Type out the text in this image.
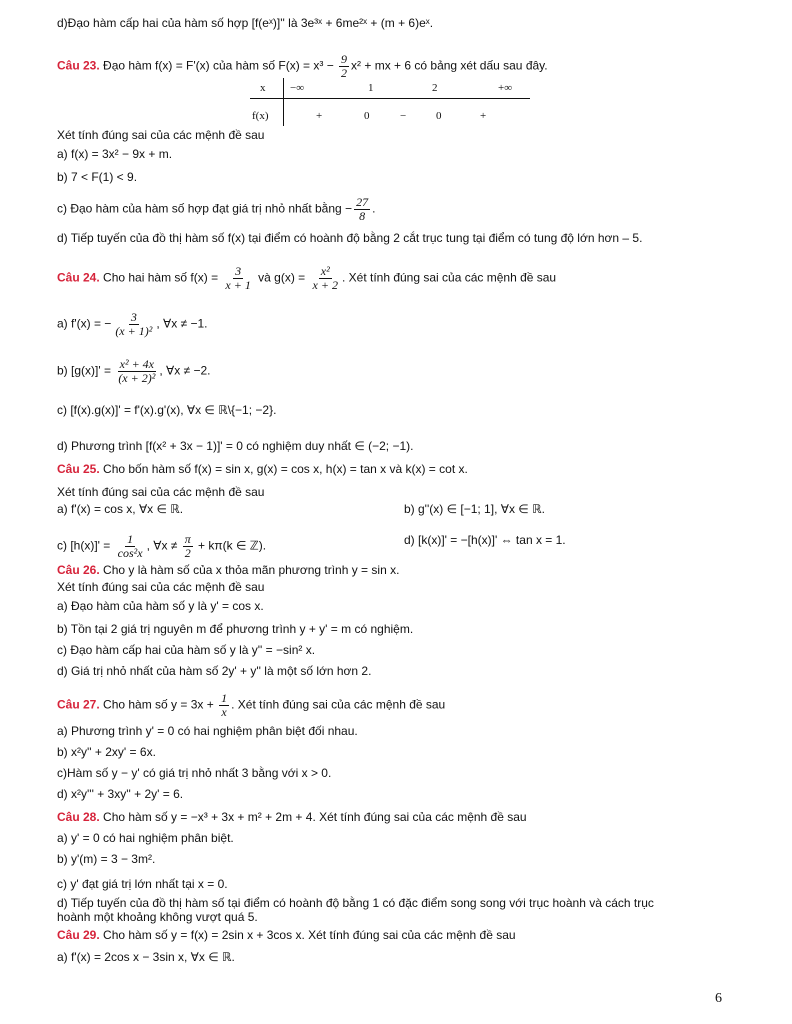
d)Đạo hàm cấp hai của hàm số hợp [f(eˣ)]'' là 3e³ˣ + 6me²ˣ + (m + 6)eˣ.
Câu 23. Đạo hàm f(x) = F'(x) của hàm số $F(x) = x^3 - \frac{9}{2} x^2$ + mx + 6 có bảng xét dấu sau đây.
x −∞	1	2	+∞
f(x)	+	0	−	0	+
Xét tính đúng sai của các mệnh đề sau
a) f(x) = 3x² − 9x + m.
b) 7 < F(1) < 9.
c) Đạo hàm của hàm số hợp đạt giá trị nhỏ nhất bằng − $\frac{27}{8}$ .
d) Tiếp tuyến của đồ thị hàm số f(x) tại điểm có hoành độ bằng 2 cắt trục tung tại điểm có tung độ lớn hơn – 5.
Câu 24. Cho hai hàm số $f(x) = \frac{3}{x + 1}$ và $g(x) = \frac{\text{x²}}{x + 2}$ . Xét tính đúng sai của các mệnh đề sau
a) f'(x) = − $\frac{3}{\text{(x + 1)²}}$ , ∀x ≠ −1.
b) $[g(x)]' = \frac{\text{x² + 4x}}{\text{(x + 2)²}}$ , ∀x ≠ −2.
c) [f(x).g(x)]' = f'(x).g'(x), ∀x ∈ ℝ\{−1; −2}.
d) Phương trình [f(x² + 3x − 1)]' = 0 có nghiệm duy nhất ∈ (−2; −1).
Câu 25. Cho bốn hàm số f(x) = sin x, g(x) = cos x, h(x) = tan x và k(x) = cot x.
Xét tính đúng sai của các mệnh đề sau
a) f'(x) = cos x, ∀x ∈ ℝ.	b) g''(x) ∈ [−1; 1], ∀x ∈ ℝ.
c) $[h(x)]' = \frac{1}{\text{cos²x}}$ , ∀x ≠ $\frac{\pi}{2} + k\pi(k$ ∈ ℤ).	d) [k(x)]' = −[h(x)]' ⇔ tan x = 1.
Câu 26. Cho y là hàm số của x thỏa mãn phương trình y = sin x.
Xét tính đúng sai của các mệnh đề sau
a) Đạo hàm của hàm số y là y' = cos x.
b) Tồn tại 2 giá trị nguyên m để phương trình y + y' = m có nghiệm.
c) Đạo hàm cấp hai của hàm số y là y'' = −sin² x.
d) Giá trị nhỏ nhất của hàm số 2y' + y'' là một số lớn hơn 2.
Câu 27. Cho hàm số $y = 3x + \frac{1}{x}$ . Xét tính đúng sai của các mệnh đề sau
a) Phương trình y' = 0 có hai nghiệm phân biệt đối nhau.
b) x²y'' + 2xy' = 6x.
c)Hàm số y − y' có giá trị nhỏ nhất 3 bằng với x > 0.
d) x²y''' + 3xy'' + 2y' = 6.
Câu 28. Cho hàm số y = −x³ + 3x + m² + 2m + 4. Xét tính đúng sai của các mệnh đề sau
a) y' = 0 có hai nghiệm phân biệt.
b) y'(m) = 3 − 3m².
c) y' đạt giá trị lớn nhất tại x = 0.
d) Tiếp tuyến của đồ thị hàm số tại điểm có hoành độ bằng 1 có đặc điểm song song với trục hoành và cách trục
hoành một khoảng không vượt quá 5.
Câu 29. Cho hàm số y = f(x) = 2sin x + 3cos x. Xét tính đúng sai của các mệnh đề sau
a) f'(x) = 2cos x − 3sin x, ∀x ∈ ℝ.
6
